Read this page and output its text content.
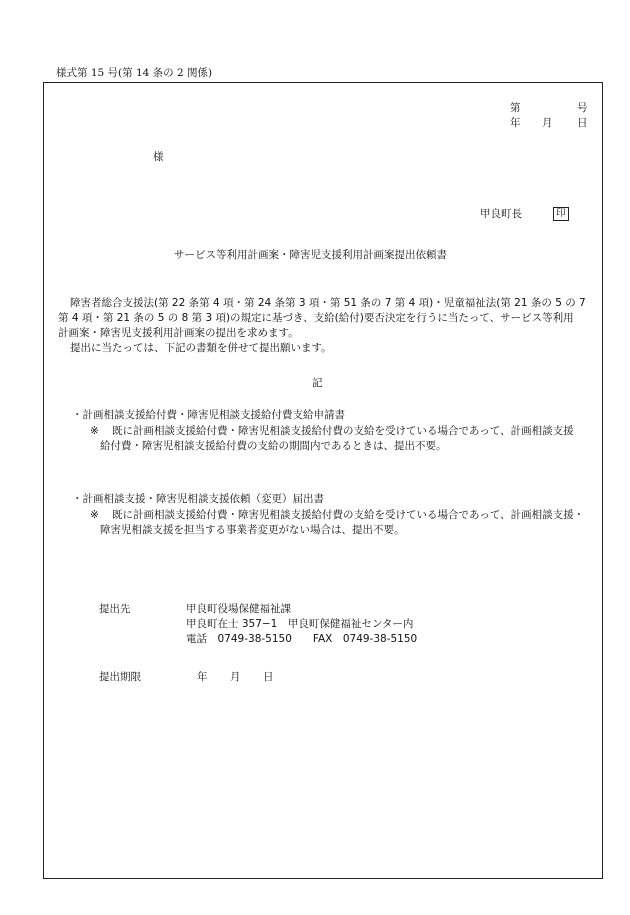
様式第 15 号(第 14 条の 2 関係)
第	号
年 月 日
様
甲良町長	印
サービス等利用計画案・障害児支援利用計画案提出依頼書
障害者総合支援法(第 22 条第 4 項・第 24 条第 3 項・第 51 条の 7 第 4 項)・児童福祉法(第 21 条の 5 の 7
第 4 項・第 21 条の 5 の 8 第 3 項)の規定に基づき、支給(給付)要否決定を行うに当たって、サービス等利用
計画案・障害児支援利用計画案の提出を求めます。
提出に当たっては、下記の書類を併せて提出願います。
記
・計画相談支援給付費・障害児相談支援給付費支給申請書
※ 既に計画相談支援給付費・障害児相談支援給付費の支給を受けている場合であって、計画相談支援
給付費・障害児相談支援給付費の支給の期間内であるときは、提出不要。
・計画相談支援・障害児相談支援依頼（変更）届出書
※ 既に計画相談支援給付費・障害児相談支援給付費の支給を受けている場合であって、計画相談支援・
障害児相談支援を担当する事業者変更がない場合は、提出不要。
提出先	甲良町役場保健福祉課
甲良町在士 357−1　甲良町保健福祉センター内
電話　0749-38-5150　　FAX　0749-38-5150
提出期限	年 月 日
